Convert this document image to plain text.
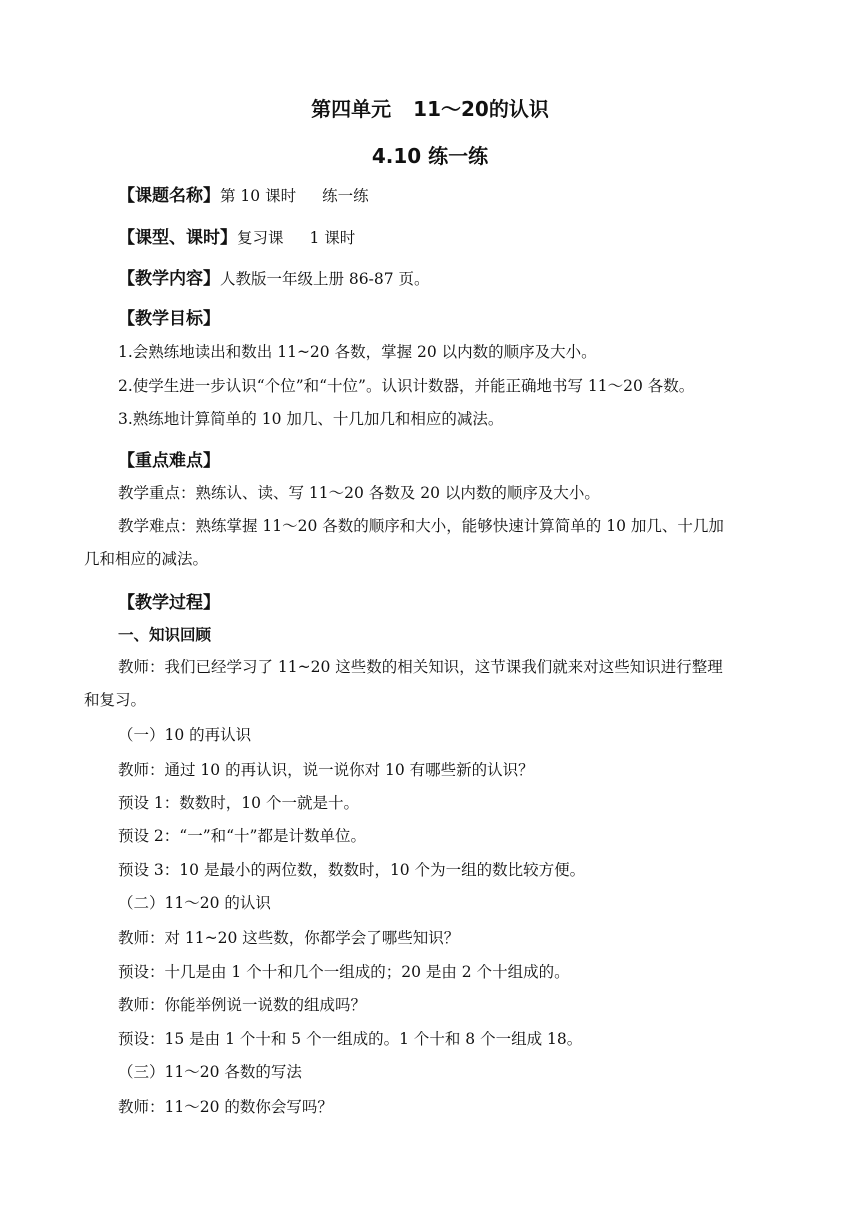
第四单元 11～20的认识
4.10 练一练
【课题名称】第 10 课时 练一练
【课型、课时】复习课 1 课时
【教学内容】人教版一年级上册 86-87 页。
【教学目标】
1.会熟练地读出和数出 11~20 各数，掌握 20 以内数的顺序及大小。
2.使学生进一步认识“个位”和“十位”。认识计数器，并能正确地书写 11～20 各数。
3.熟练地计算简单的 10 加几、十几加几和相应的减法。
【重点难点】
教学重点：熟练认、读、写 11～20 各数及 20 以内数的顺序及大小。
教学难点：熟练掌握 11～20 各数的顺序和大小，能够快速计算简单的 10 加几、十几加
几和相应的减法。
【教学过程】
一、知识回顾
教师：我们已经学习了 11~20 这些数的相关知识，这节课我们就来对这些知识进行整理
和复习。
（一）10 的再认识
教师：通过 10 的再认识，说一说你对 10 有哪些新的认识？
预设 1：数数时，10 个一就是十。
预设 2：“一”和“十”都是计数单位。
预设 3：10 是最小的两位数，数数时，10 个为一组的数比较方便。
（二）11～20 的认识
教师：对 11~20 这些数，你都学会了哪些知识？
预设：十几是由 1 个十和几个一组成的；20 是由 2 个十组成的。
教师：你能举例说一说数的组成吗？
预设：15 是由 1 个十和 5 个一组成的。1 个十和 8 个一组成 18。
（三）11～20 各数的写法
教师：11～20 的数你会写吗？
